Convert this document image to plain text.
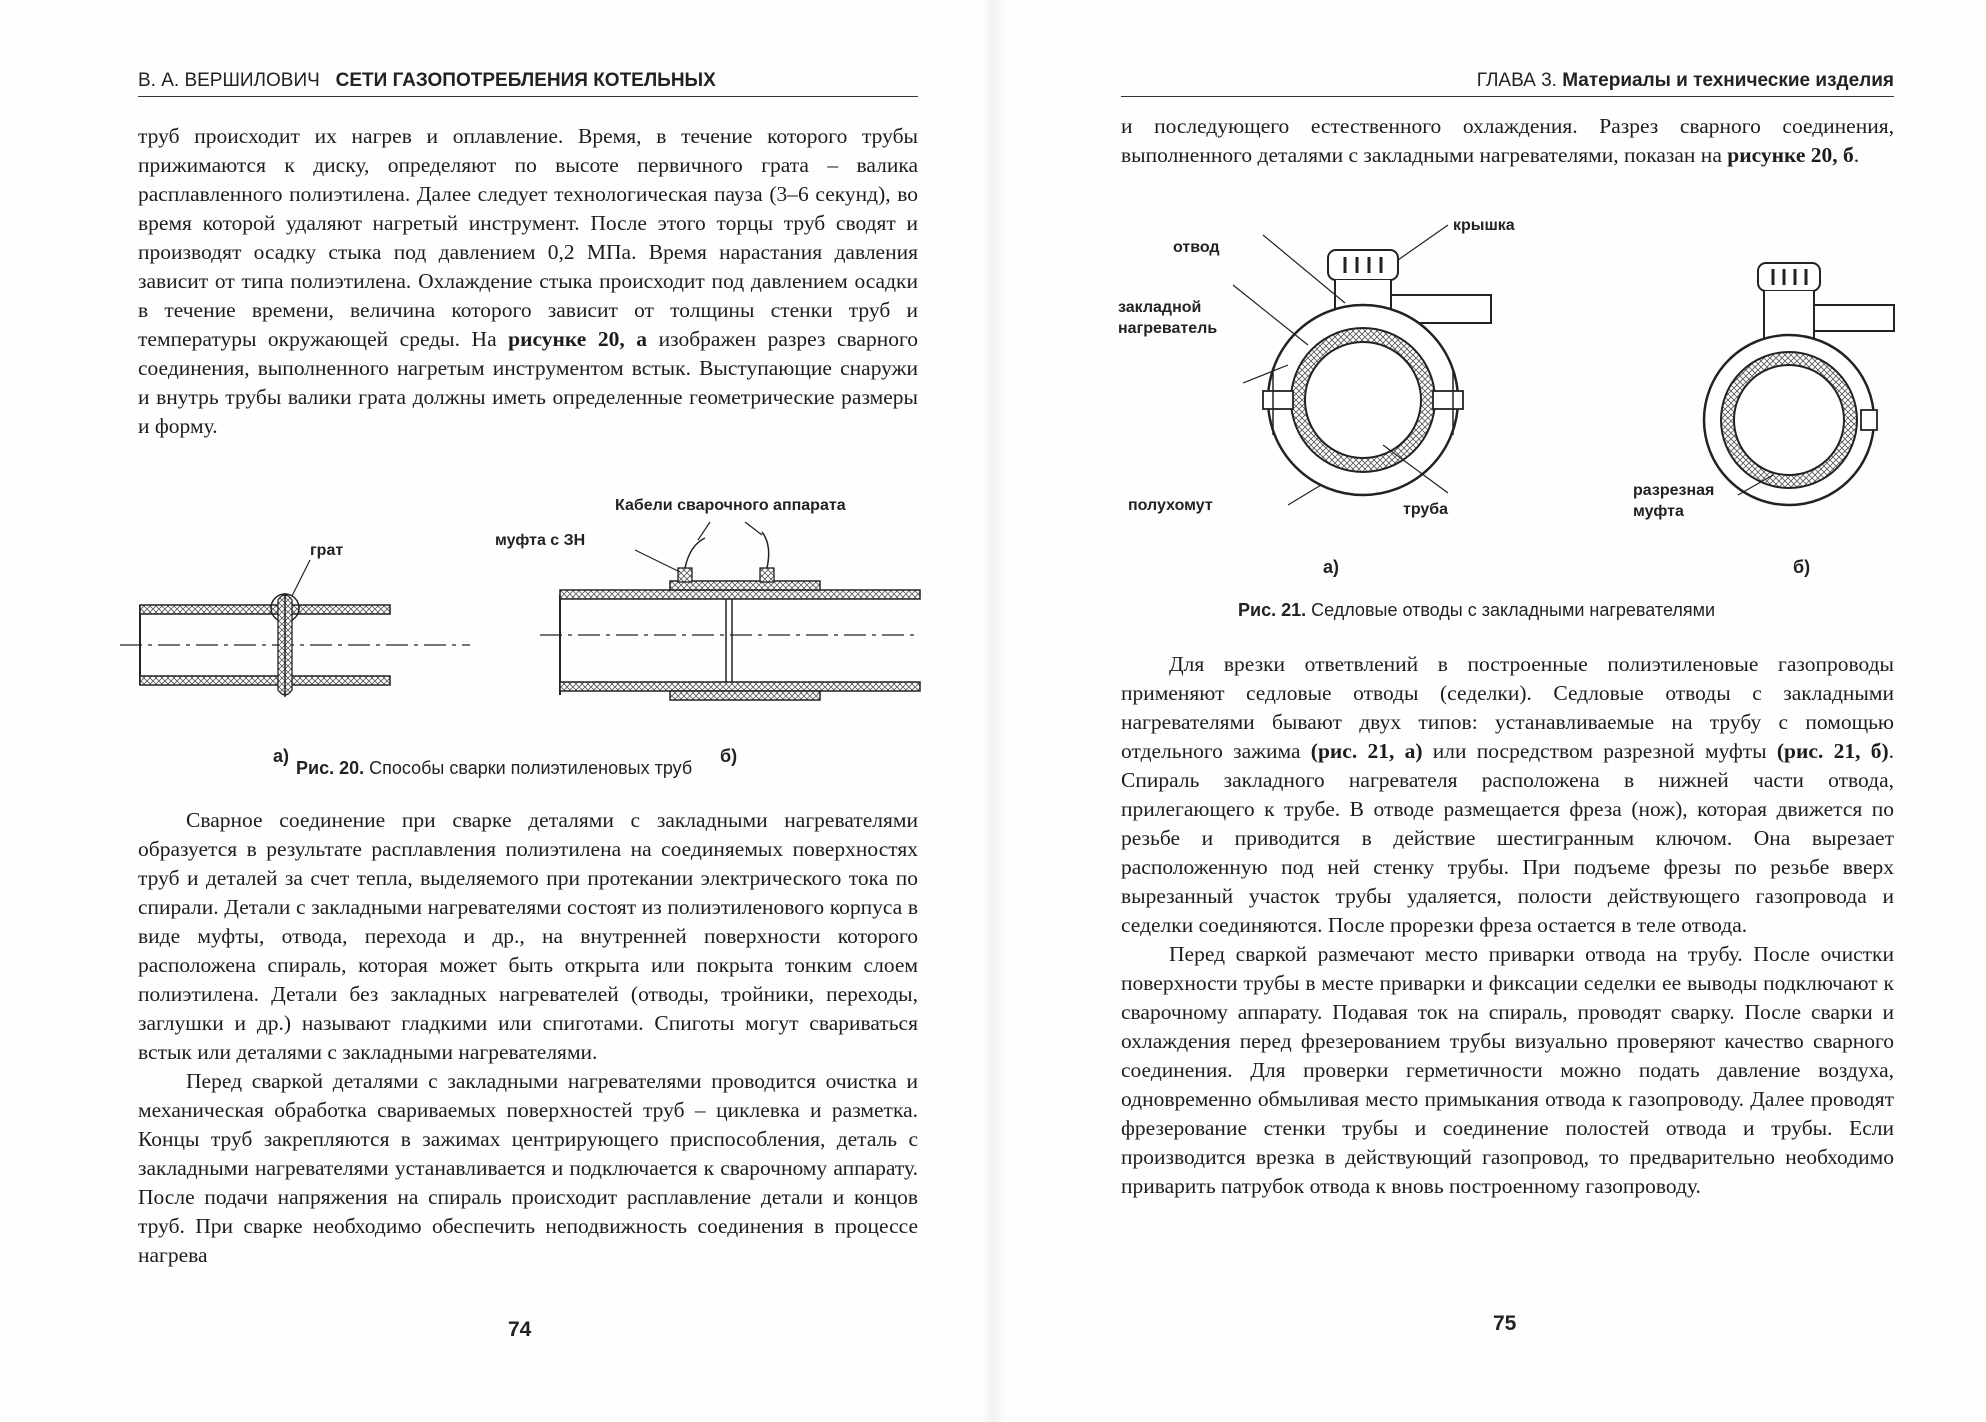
В. А. ВЕРШИЛОВИЧ СЕТИ ГАЗОПОТРЕБЛЕНИЯ КОТЕЛЬНЫХ

труб происходит их нагрев и оплавление. Время, в течение которого трубы прижимаются к диску, определяют по высоте первичного грата – валика расплавленного полиэтилена. Далее следует технологическая пауза (3–6 секунд), во время которой удаляют нагретый инструмент. После этого торцы труб сводят и производят осадку стыка под давлением 0,2 МПа. Время нарастания давления зависит от типа полиэтилена. Охлаждение стыка происходит под давлением осадки в течение времени, величина которого зависит от толщины стенки труб и температуры окружающей среды. На рисунке 20, а изображен разрез сварного соединения, выполненного нагретым инструментом встык. Выступающие снаружи и внутрь трубы валики грата должны иметь определенные геометрические размеры и форму.

грат
а)
Кабели сварочного аппарата
муфта с ЗН
б)
Рис. 20. Способы сварки полиэтиленовых труб

Сварное соединение при сварке деталями с закладными нагревателями образуется в результате расплавления полиэтилена на соединяемых поверхностях труб и деталей за счет тепла, выделяемого при протекании электрического тока по спирали. Детали с закладными нагревателями состоят из полиэтиленового корпуса в виде муфты, отвода, перехода и др., на внутренней поверхности которого расположена спираль, которая может быть открыта или покрыта тонким слоем полиэтилена. Детали без закладных нагревателей (отводы, тройники, переходы, заглушки и др.) называют гладкими или спиготами. Спиготы могут свариваться встык или деталями с закладными нагревателями.

Перед сваркой деталями с закладными нагревателями проводится очистка и механическая обработка свариваемых поверхностей труб – циклевка и разметка. Концы труб закрепляются в зажимах центрирующего приспособления, деталь с закладными нагревателями устанавливается и подключается к сварочному аппарату. После подачи напряжения на спираль происходит расплавление детали и концов труб. При сварке необходимо обеспечить неподвижность соединения в процессе нагрева

74
ГЛАВА 3. Материалы и технические изделия

и последующего естественного охлаждения. Разрез сварного соединения, выполненного деталями с закладными нагревателями, показан на рисунке 20, б.

крышка
отвод
закладной
нагреватель
полухомут	труба
а)
разрезная
муфта
б)
Рис. 21. Седловые отводы с закладными нагревателями

Для врезки ответвлений в построенные полиэтиленовые газопроводы применяют седловые отводы (седелки). Седловые отводы с закладными нагревателями бывают двух типов: устанавливаемые на трубу с помощью отдельного зажима (рис. 21, а) или посредством разрезной муфты (рис. 21, б). Спираль закладного нагревателя расположена в нижней части отвода, прилегающего к трубе. В отводе размещается фреза (нож), которая движется по резьбе и приводится в действие шестигранным ключом. Она вырезает расположенную под ней стенку трубы. При подъеме фрезы по резьбе вверх вырезанный участок трубы удаляется, полости действующего газопровода и седелки соединяются. После прорезки фреза остается в теле отвода.

Перед сваркой размечают место приварки отвода на трубу. После очистки поверхности трубы в месте приварки и фиксации седелки ее выводы подключают к сварочному аппарату. Подавая ток на спираль, проводят сварку. После сварки и охлаждения перед фрезерованием трубы визуально проверяют качество сварного соединения. Для проверки гермeтичности можно подать давление воздуха, одновременно обмыливая место примыкания отвода к газопроводу. Далее проводят фрезерование стенки трубы и соединение полостей отвода и трубы. Если производится врезка в действующий газопровод, то предварительно необходимо приварить патрубок отвода к вновь построенному газопроводу.

75
